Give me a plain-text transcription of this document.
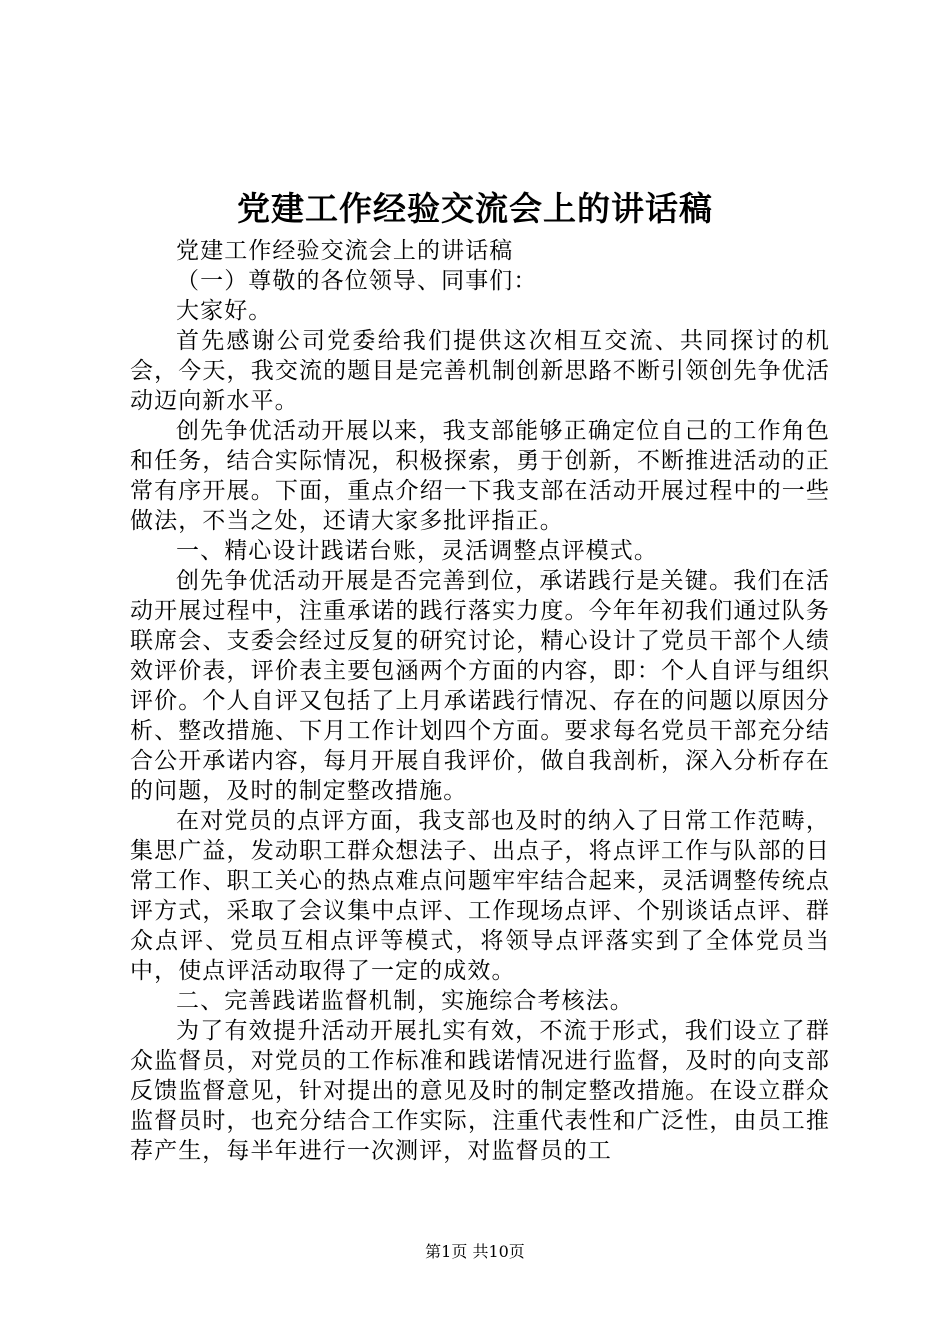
党建工作经验交流会上的讲话稿

党建工作经验交流会上的讲话稿

（一）尊敬的各位领导、同事们：

大家好。

首先感谢公司党委给我们提供这次相互交流、共同探讨的机会，今天，我交流的题目是完善机制创新思路不断引领创先争优活动迈向新水平。

创先争优活动开展以来，我支部能够正确定位自己的工作角色和任务，结合实际情况，积极探索，勇于创新，不断推进活动的正常有序开展。下面，重点介绍一下我支部在活动开展过程中的一些做法，不当之处，还请大家多批评指正。

一、精心设计践诺台账，灵活调整点评模式。

创先争优活动开展是否完善到位，承诺践行是关键。我们在活动开展过程中，注重承诺的践行落实力度。今年年初我们通过队务联席会、支委会经过反复的研究讨论，精心设计了党员干部个人绩效评价表，评价表主要包涵两个方面的内容，即：个人自评与组织评价。个人自评又包括了上月承诺践行情况、存在的问题以原因分析、整改措施、下月工作计划四个方面。要求每名党员干部充分结合公开承诺内容，每月开展自我评价，做自我剖析，深入分析存在的问题，及时的制定整改措施。

在对党员的点评方面，我支部也及时的纳入了日常工作范畴，集思广益，发动职工群众想法子、出点子，将点评工作与队部的日常工作、职工关心的热点难点问题牢牢结合起来，灵活调整传统点评方式，采取了会议集中点评、工作现场点评、个别谈话点评、群众点评、党员互相点评等模式，将领导点评落实到了全体党员当中，使点评活动取得了一定的成效。

二、完善践诺监督机制，实施综合考核法。

为了有效提升活动开展扎实有效，不流于形式，我们设立了群众监督员，对党员的工作标准和践诺情况进行监督，及时的向支部反馈监督意见，针对提出的意见及时的制定整改措施。在设立群众监督员时，也充分结合工作实际，注重代表性和广泛性，由员工推荐产生，每半年进行一次测评，对监督员的工

第1页 共10页
